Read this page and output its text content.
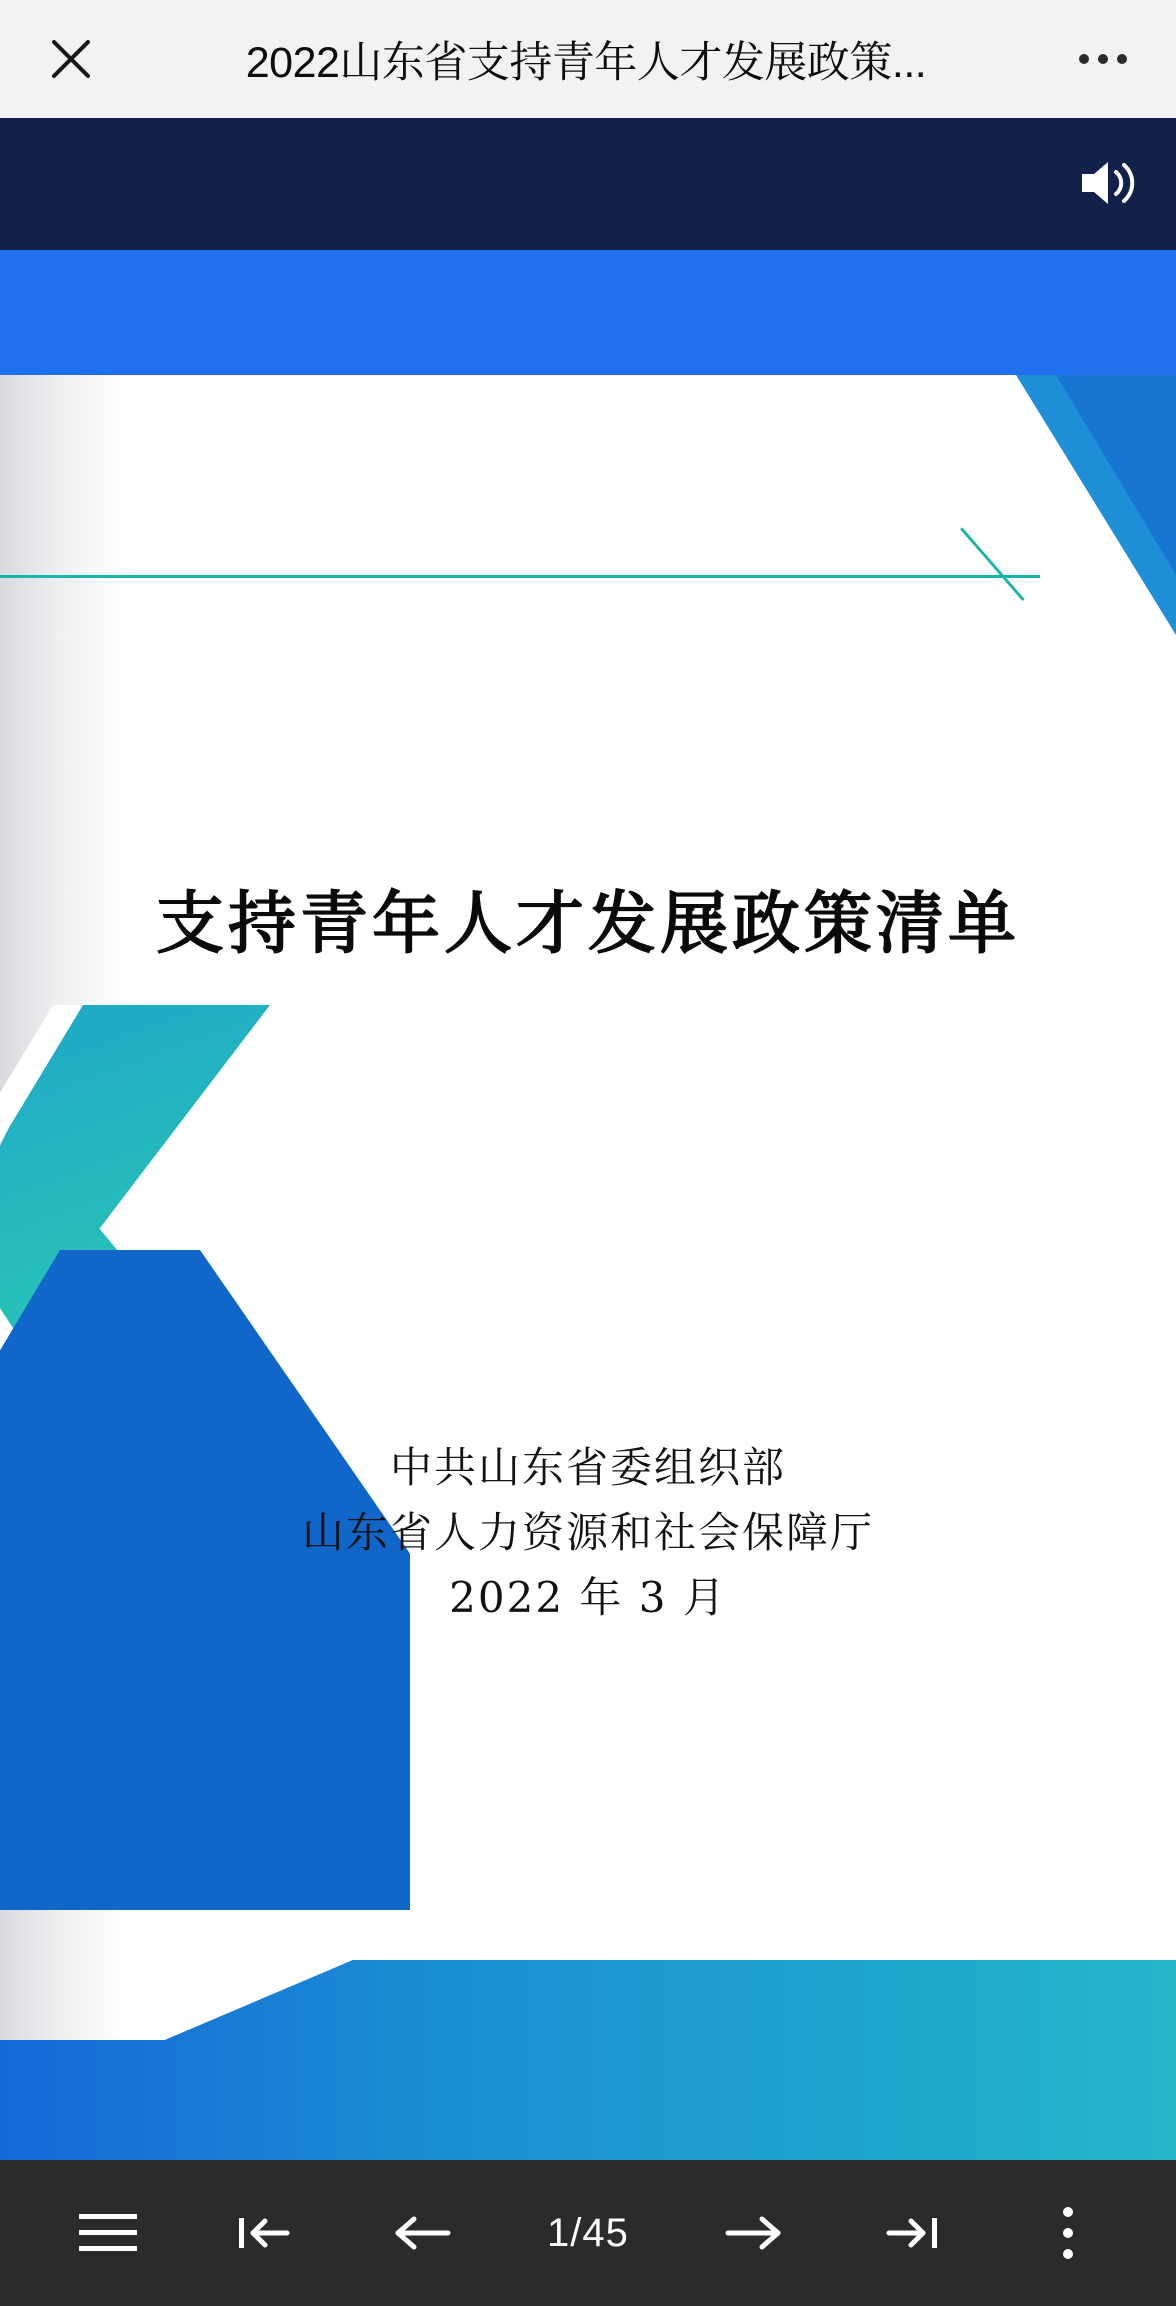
2022山东省支持青年人才发展政策...
支持青年人才发展政策清单
中共山东省委组织部
山东省人力资源和社会保障厅
2022 年 3 月
1/45
